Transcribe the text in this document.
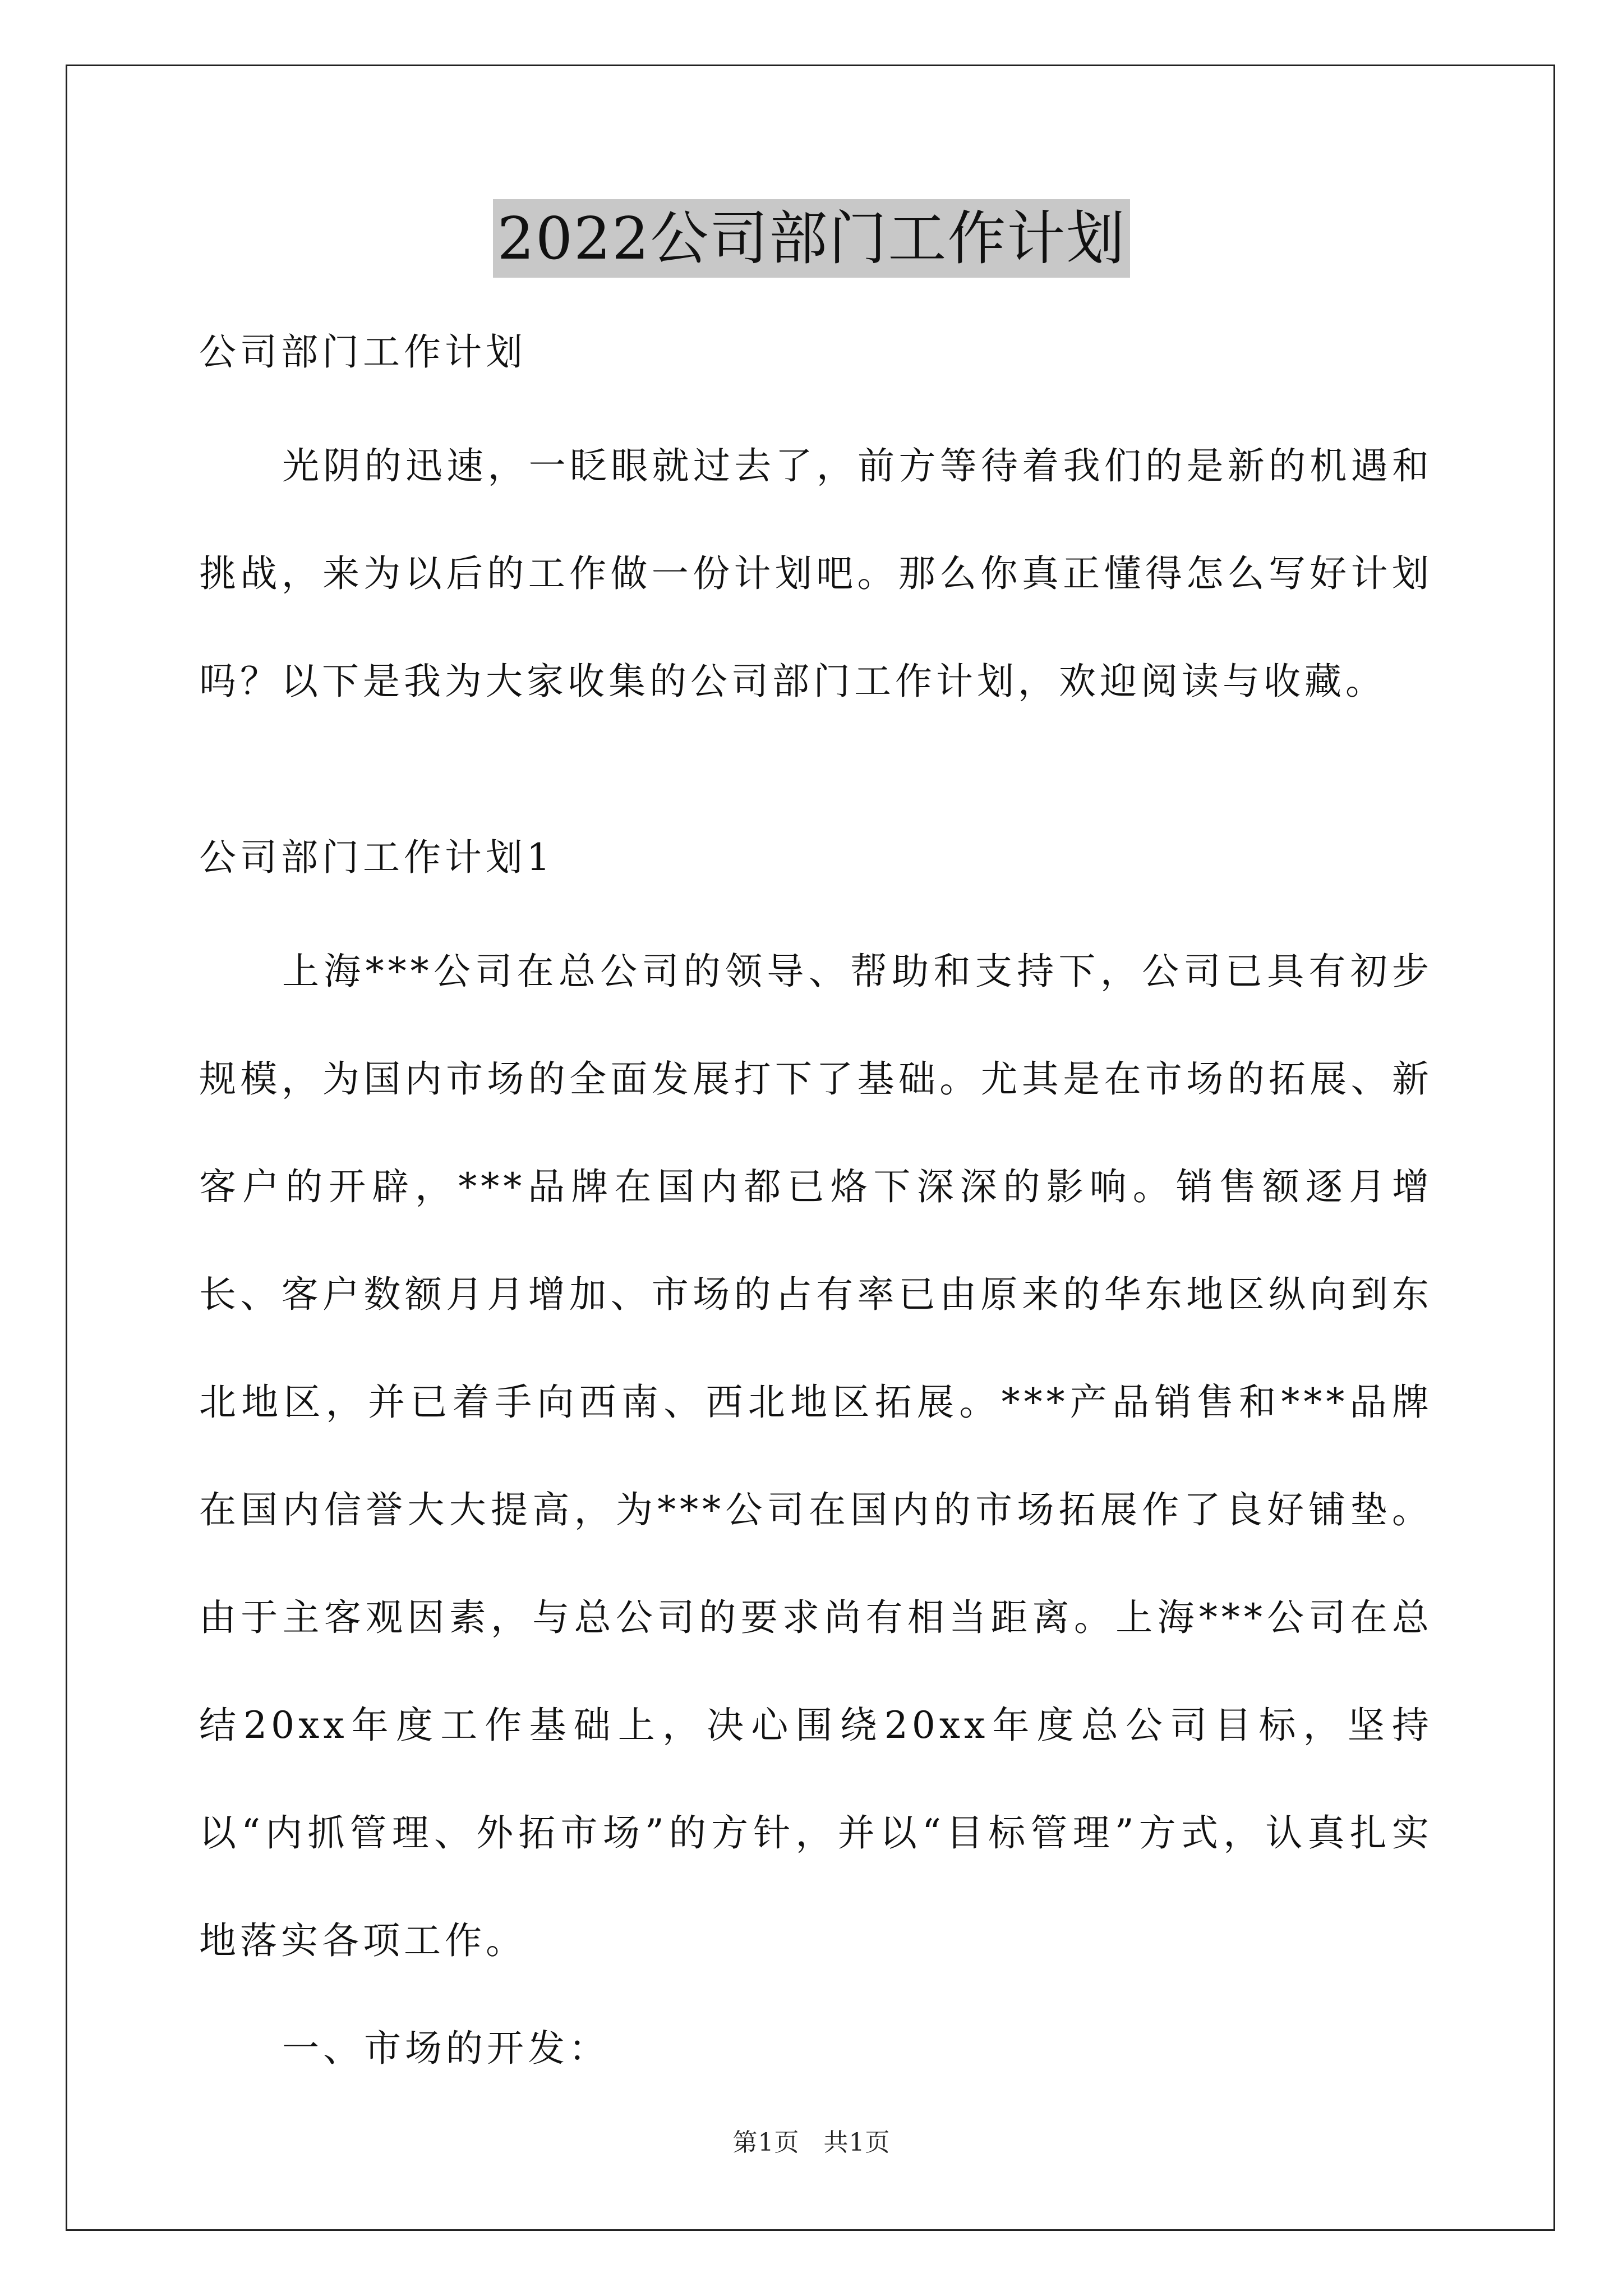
2022公司部门工作计划
公司部门工作计划

光阴的迅速，一眨眼就过去了，前方等待着我们的是新的机遇和挑战，来为以后的工作做一份计划吧。那么你真正懂得怎么写好计划吗？以下是我为大家收集的公司部门工作计划，欢迎阅读与收藏。

公司部门工作计划1

上海***公司在总公司的领导、帮助和支持下，公司已具有初步规模，为国内市场的全面发展打下了基础。尤其是在市场的拓展、新客户的开辟，***品牌在国内都已烙下深深的影响。销售额逐月增长、客户数额月月增加、市场的占有率已由原来的华东地区纵向到东北地区，并已着手向西南、西北地区拓展。***产品销售和***品牌在国内信誉大大提高，为***公司在国内的市场拓展作了良好铺垫。由于主客观因素，与总公司的要求尚有相当距离。上海***公司在总结20xx年度工作基础上，决心围绕20xx年度总公司目标，坚持以“内抓管理、外拓市场”的方针，并以“目标管理”方式，认真扎实地落实各项工作。

一、市场的开发：
第1页 共1页
